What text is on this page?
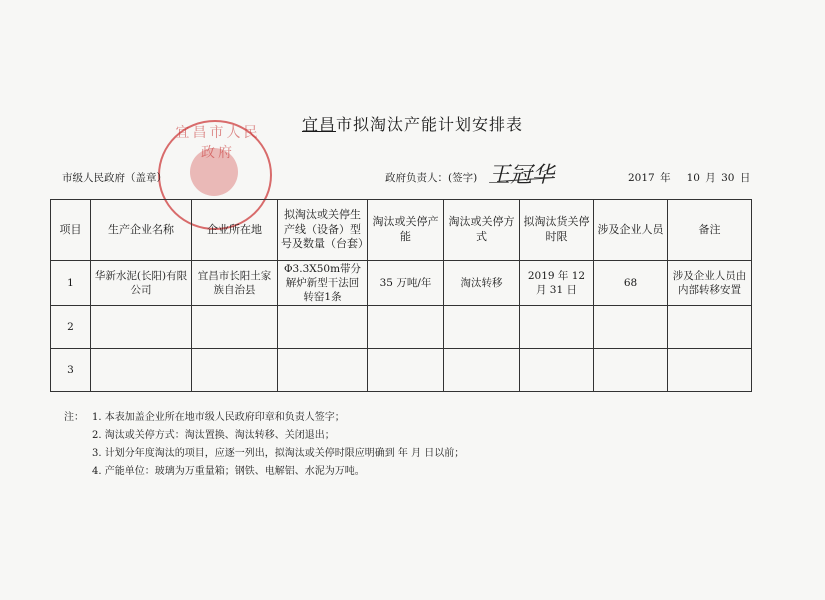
宜昌市人民政府
宜昌市拟淘汰产能计划安排表
市级人民政府（盖章）	政府负责人：(签字) 王冠华	2017 年 10 月 30 日
项目	生产企业名称	企业所在地	拟淘汰或关停生产线（设备）型号及数量（台套）	淘汰或关停产能	淘汰或关停方式	拟淘汰货关停时限	涉及企业人员	备注
1	华新水泥(长阳)有限公司	宜昌市长阳土家族自治县	Φ3.3X50m带分解炉新型干法回转窑1条	35 万吨/年	淘汰转移	2019 年 12 月 31 日	68	涉及企业人员由内部转移安置
2								
3								
注： 1. 本表加盖企业所在地市级人民政府印章和负责人签字；
2. 淘汰或关停方式：淘汰置换、淘汰转移、关闭退出；
3. 计划分年度淘汰的项目，应逐一列出，拟淘汰或关停时限应明确到 年 月 日以前；
4. 产能单位：玻璃为万重量箱；钢铁、电解铝、水泥为万吨。
